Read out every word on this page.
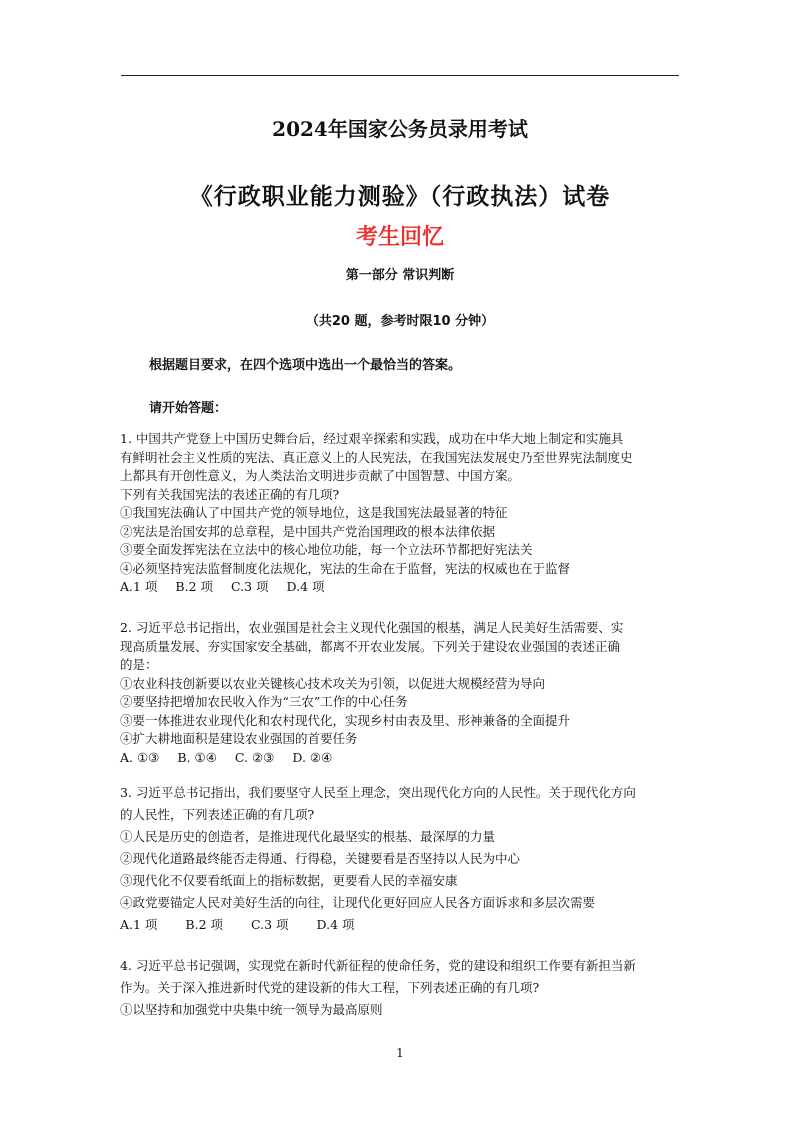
2024年国家公务员录用考试
《行政职业能力测验》（行政执法）试卷
考生回忆
第一部分 常识判断
（共20 题，参考时限10 分钟）
根据题目要求，在四个选项中选出一个最恰当的答案。
请开始答题：
1. 中国共产党登上中国历史舞台后，经过艰辛探索和实践，成功在中华大地上制定和实施具
有鲜明社会主义性质的宪法、真正意义上的人民宪法，在我国宪法发展史乃至世界宪法制度史
上都具有开创性意义，为人类法治文明进步贡献了中国智慧、中国方案。
下列有关我国宪法的表述正确的有几项?
①我国宪法确认了中国共产党的领导地位，这是我国宪法最显著的特征
②宪法是治国安邦的总章程，是中国共产党治国理政的根本法律依据
③要全面发挥宪法在立法中的核心地位功能，每一个立法环节都把好宪法关
④必须坚持宪法监督制度化法规化，宪法的生命在于监督，宪法的权威也在于监督
A.1 项 B.2 项 C.3 项 D.4 项
2. 习近平总书记指出，农业强国是社会主义现代化强国的根基，满足人民美好生活需要、实
现高质量发展、夯实国家安全基础，都离不开农业发展。下列关于建设农业强国的表述正确
的是：
①农业科技创新要以农业关键核心技术攻关为引领，以促进大规模经营为导向
②要坚持把增加农民收入作为“三农”工作的中心任务
③要一体推进农业现代化和农村现代化，实现乡村由表及里、形神兼备的全面提升
④扩大耕地面积是建设农业强国的首要任务
A. ①③ B. ①④ C. ②③ D. ②④
3. 习近平总书记指出，我们要坚守人民至上理念，突出现代化方向的人民性。关于现代化方向
的人民性，下列表述正确的有几项?
①人民是历史的创造者，是推进现代化最坚实的根基、最深厚的力量
②现代化道路最终能否走得通、行得稳，关键要看是否坚持以人民为中心
③现代化不仅要看纸面上的指标数据，更要看人民的幸福安康
④政党要锚定人民对美好生活的向往，让现代化更好回应人民各方面诉求和多层次需要
A.1 项 B.2 项 C.3 项 D.4 项
4. 习近平总书记强调，实现党在新时代新征程的使命任务，党的建设和组织工作要有新担当新
作为。关于深入推进新时代党的建设新的伟大工程，下列表述正确的有几项?
①以坚持和加强党中央集中统一领导为最高原则
1
